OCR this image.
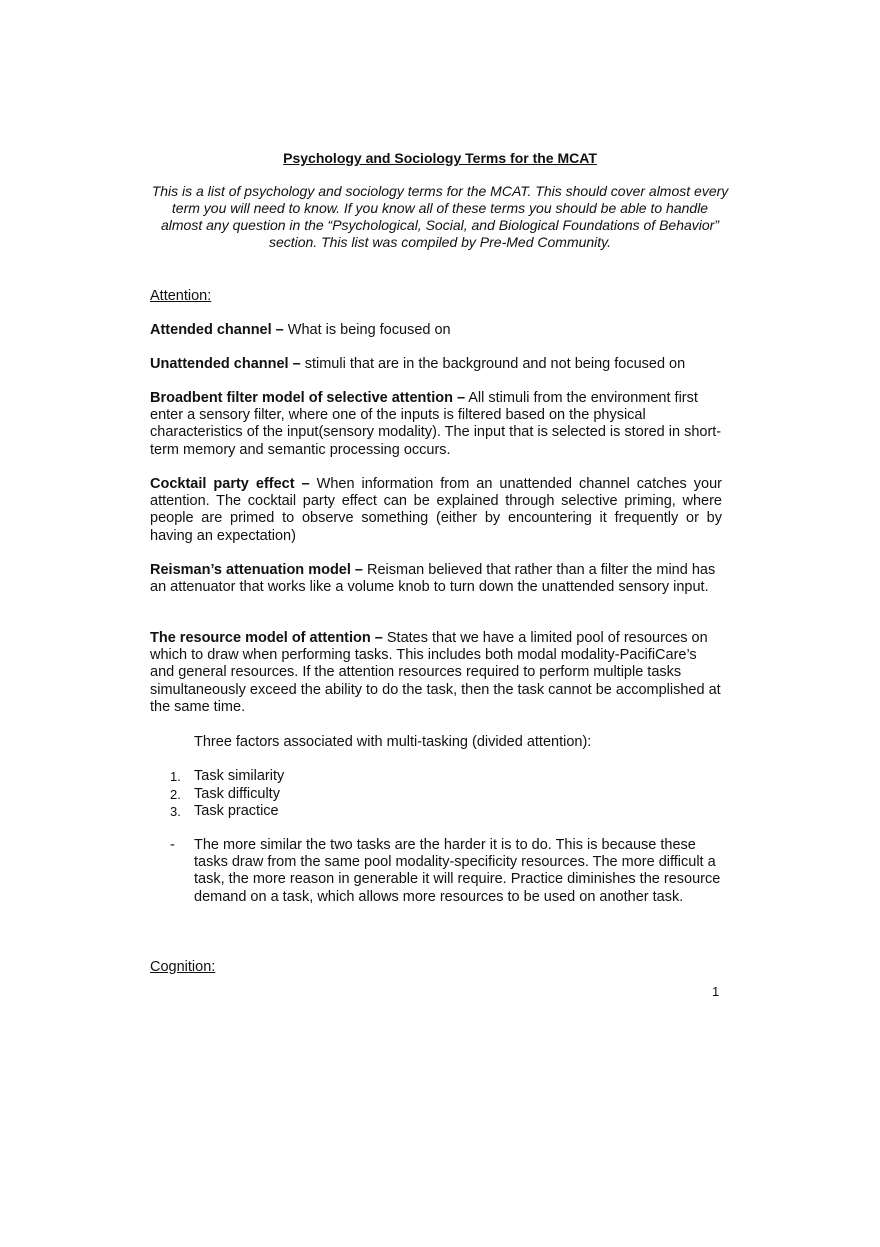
Psychology and Sociology Terms for the MCAT
This is a list of psychology and sociology terms for the MCAT. This should cover almost every term you will need to know. If you know all of these terms you should be able to handle almost any question in the “Psychological, Social, and Biological Foundations of Behavior” section. This list was compiled by Pre-Med Community.
Attention:
Attended channel – What is being focused on
Unattended channel – stimuli that are in the background and not being focused on
Broadbent filter model of selective attention – All stimuli from the environment first enter a sensory filter, where one of the inputs is filtered based on the physical characteristics of the input(sensory modality). The input that is selected is stored in short-term memory and semantic processing occurs.
Cocktail party effect – When information from an unattended channel catches your attention. The cocktail party effect can be explained through selective priming, where people are primed to observe something (either by encountering it frequently or by having an expectation)
Reisman’s attenuation model – Reisman believed that rather than a filter the mind has an attenuator that works like a volume knob to turn down the unattended sensory input.
The resource model of attention – States that we have a limited pool of resources on which to draw when performing tasks. This includes both modal modality-PacifiCare’s and general resources. If the attention resources required to perform multiple tasks simultaneously exceed the ability to do the task, then the task cannot be accomplished at the same time.
Three factors associated with multi-tasking (divided attention):
1. Task similarity
2. Task difficulty
3. Task practice
- The more similar the two tasks are the harder it is to do. This is because these tasks draw from the same pool modality-specificity resources. The more difficult a task, the more reason in generable it will require. Practice diminishes the resource demand on a task, which allows more resources to be used on another task.
Cognition:
1
